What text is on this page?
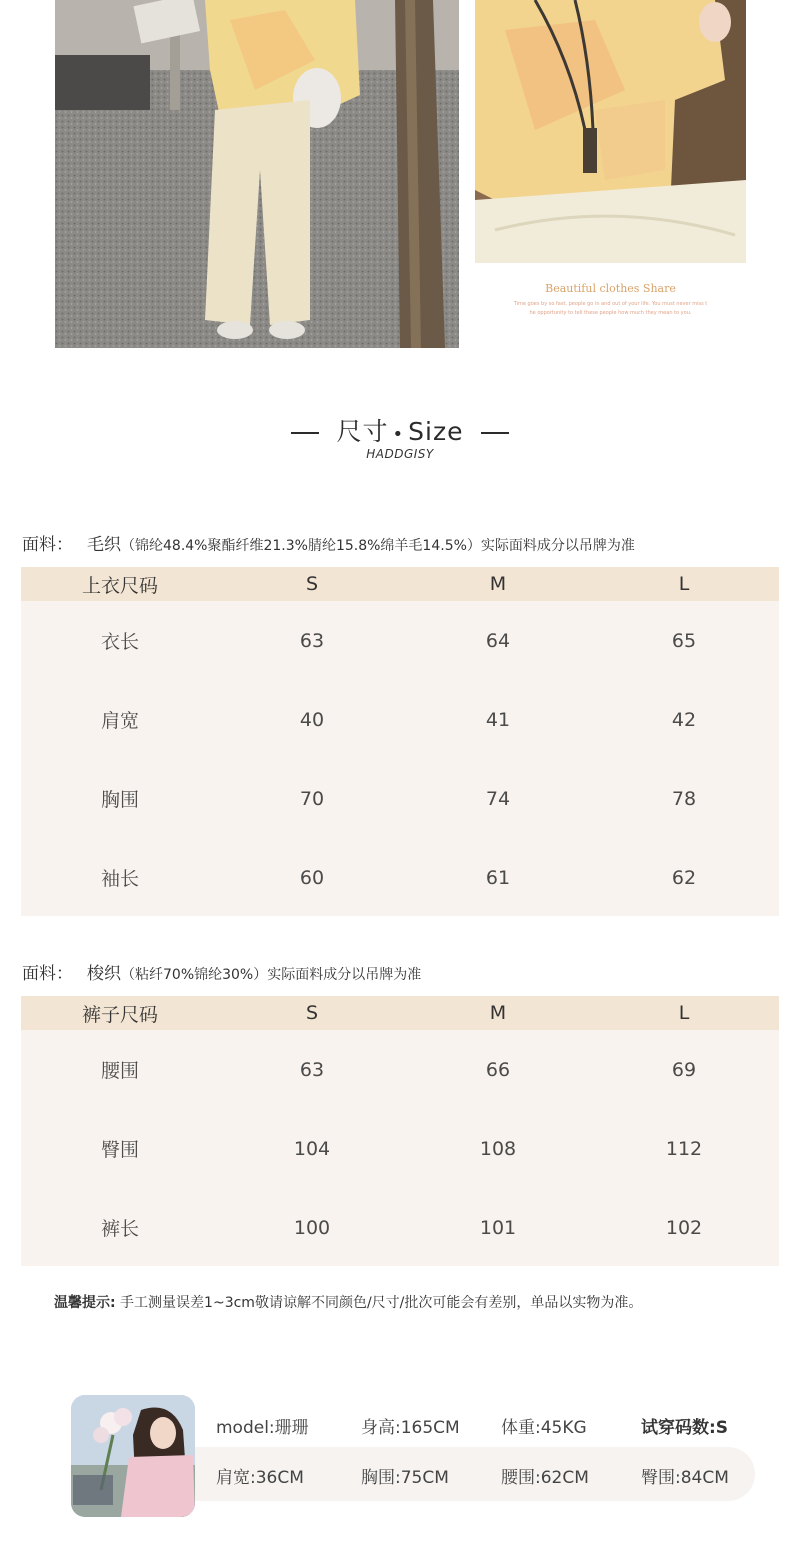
Beautiful clothes Share
Time goes by so fast, people go in and out of your life. You must never miss t
he opportunity to tell these people how much they mean to you.
尺寸 • Size
HADDGISY
面料： 毛织（锦纶48.4%聚酯纤维21.3%腈纶15.8%绵羊毛14.5%）实际面料成分以吊牌为准
上衣尺码	S	M	L
衣长	63	64	65
肩宽	40	41	42
胸围	70	74	78
袖长	60	61	62
面料： 梭织（粘纤70%锦纶30%）实际面料成分以吊牌为准
裤子尺码	S	M	L
腰围	63	66	69
臀围	104	108	112
裤长	100	101	102
温馨提示: 手工测量误差1~3cm敬请谅解不同颜色/尺寸/批次可能会有差别，单品以实物为准。
model:珊珊	身高:165CM 体重:45KG	试穿码数:S
肩宽:36CM	胸围:75CM	腰围:62CM	臀围:84CM
